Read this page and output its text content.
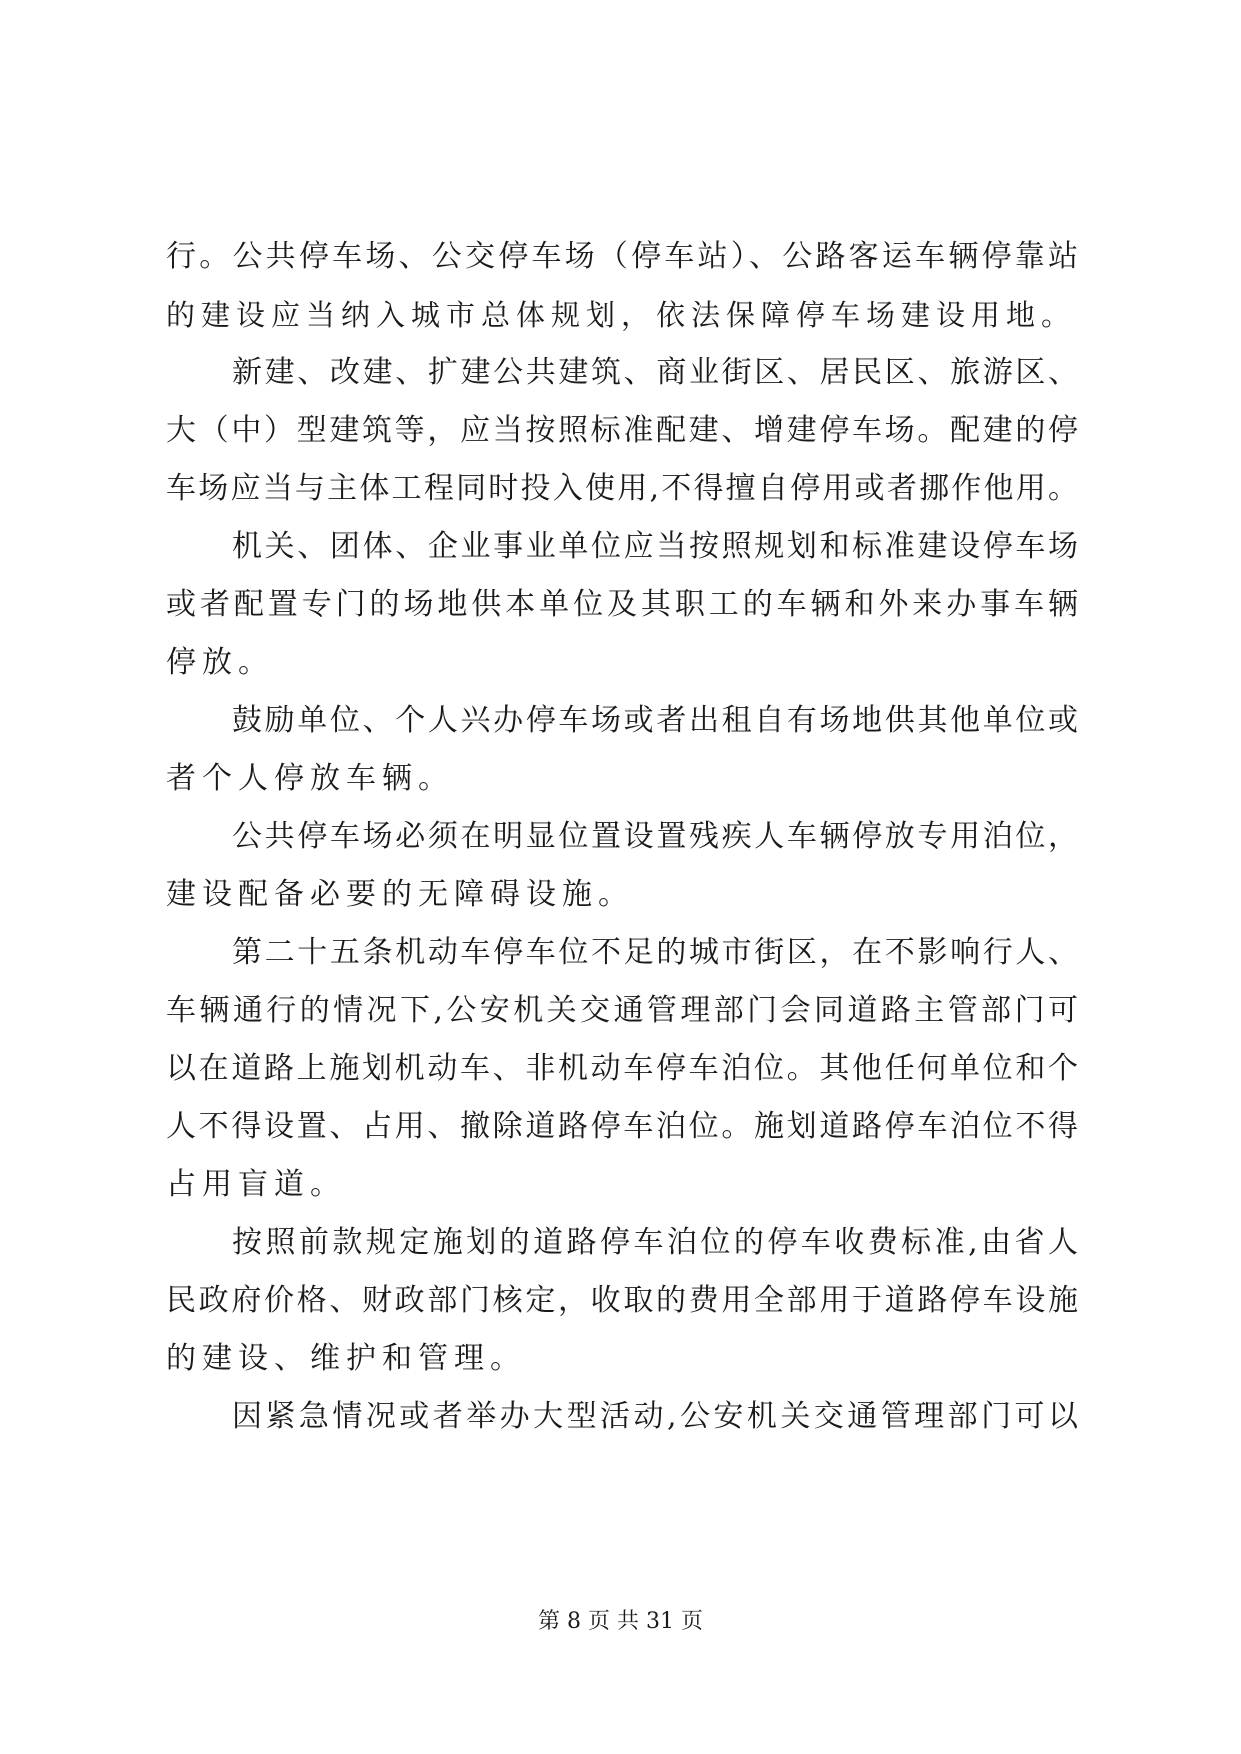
行。公共停车场、公交停车场（停车站）、公路客运车辆停靠站
的建设应当纳入城市总体规划，依法保障停车场建设用地。
新建、改建、扩建公共建筑、商业街区、居民区、旅游区、
大（中）型建筑等，应当按照标准配建、增建停车场。配建的停
车场应当与主体工程同时投入使用,不得擅自停用或者挪作他用。
机关、团体、企业事业单位应当按照规划和标准建设停车场
或者配置专门的场地供本单位及其职工的车辆和外来办事车辆
停放。
鼓励单位、个人兴办停车场或者出租自有场地供其他单位或
者个人停放车辆。
公共停车场必须在明显位置设置残疾人车辆停放专用泊位，
建设配备必要的无障碍设施。
第二十五条机动车停车位不足的城市街区，在不影响行人、
车辆通行的情况下,公安机关交通管理部门会同道路主管部门可
以在道路上施划机动车、非机动车停车泊位。其他任何单位和个
人不得设置、占用、撤除道路停车泊位。施划道路停车泊位不得
占用盲道。
按照前款规定施划的道路停车泊位的停车收费标准,由省人
民政府价格、财政部门核定，收取的费用全部用于道路停车设施
的建设、维护和管理。
因紧急情况或者举办大型活动,公安机关交通管理部门可以
第 8 页 共 31 页
